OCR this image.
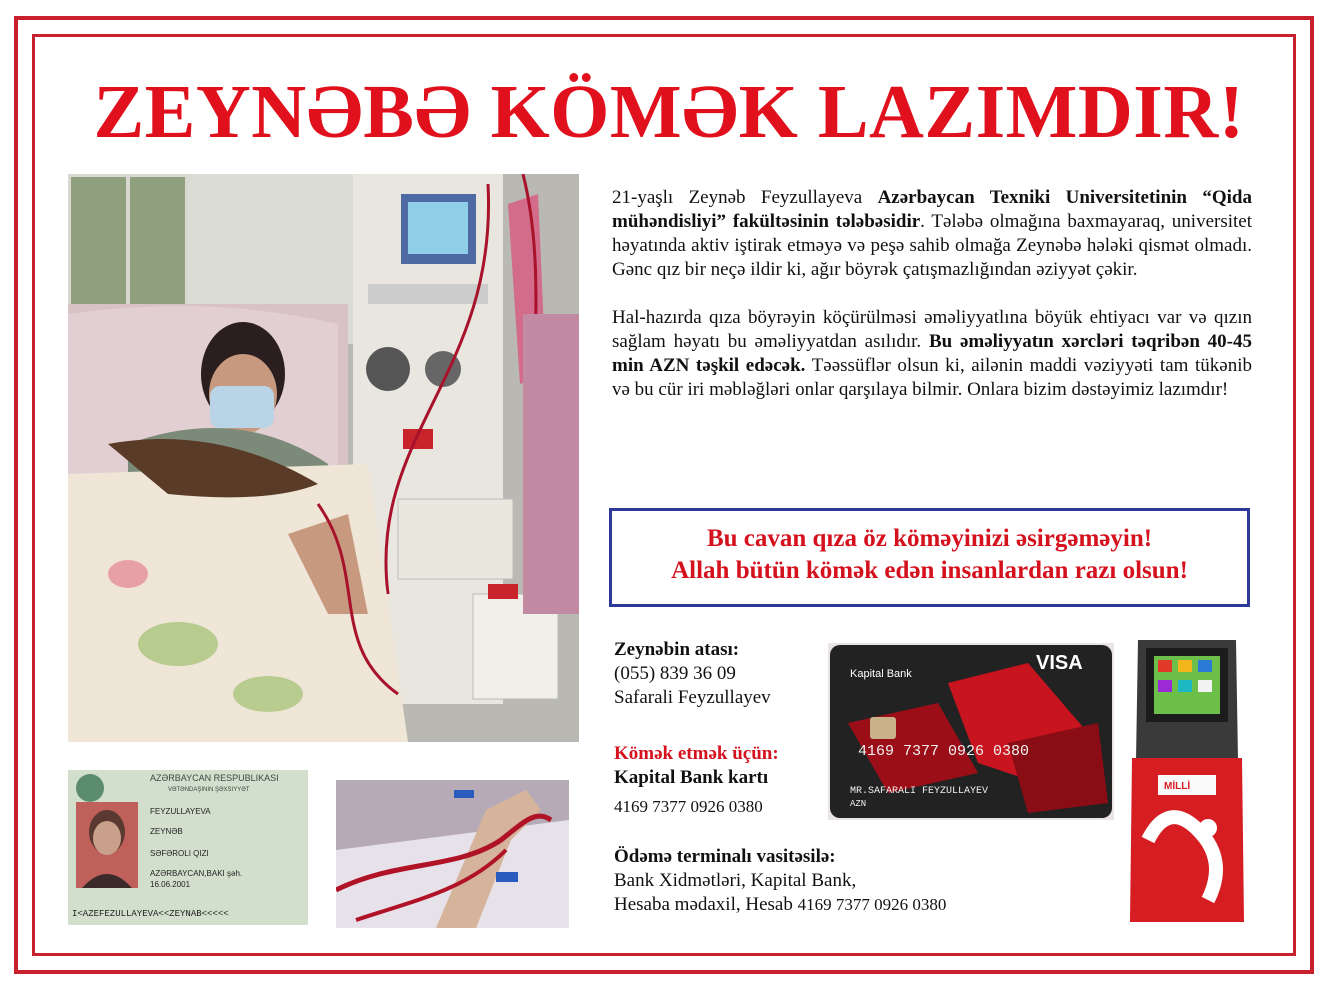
ZEYNƏBƏ KÖMƏK LAZIMDIR!
AZƏRBAYCAN RESPUBLIKASI
VƏTƏNDAŞININ ŞƏXSIYYƏT
FEYZULLAYEVA
ZEYNƏB
SƏFƏROLI QIZI
AZƏRBAYCAN,BAKI şəh.
16.06.2001
I<AZEFEZULLAYEVA<<ZEYNAB<<<<<
Kapital Bank	VISA
4169 7377 0926 0380
MR.SAFARALI FEYZULLAYEV
AZN
MİLLİ

21-yaşlı Zeynəb Feyzullayeva Azərbaycan Texniki Universitetinin “Qida mühəndisliyi” fakültəsinin tələbəsidir. Tələbə olmağına baxmayaraq, universitet həyatında aktiv iştirak etməyə və peşə sahib olmağa Zeynəbə hələki qismət olmadı. Gənc qız bir neçə ildir ki, ağır böyrək çatışmazlığından əziyyət çəkir.

Hal-hazırda qıza böyrəyin köçürülməsi əməliyyatlına böyük ehtiyacı var və qızın sağlam həyatı bu əməliyyatdan asılıdır. Bu əməliyyatın xərcləri təqribən 40-45 min AZN təşkil edəcək. Təəssüflər olsun ki, ailənin maddi vəziyyəti tam tükənib və bu cür iri məbləğləri onlar qarşılaya bilmir. Onlara bizim dəstəyimiz lazımdır!

Bu cavan qıza öz köməyinizi əsirgəməyin!
Allah bütün kömək edən insanlardan razı olsun!
Zeynəbin atası:
(055) 839 36 09
Safarali Feyzullayev
Kömək etmək üçün:
Kapital Bank kartı
4169 7377 0926 0380
Ödəmə terminalı vasitəsilə:
Bank Xidmətləri, Kapital Bank,
Hesaba mədaxil, Hesab 4169 7377 0926 0380
